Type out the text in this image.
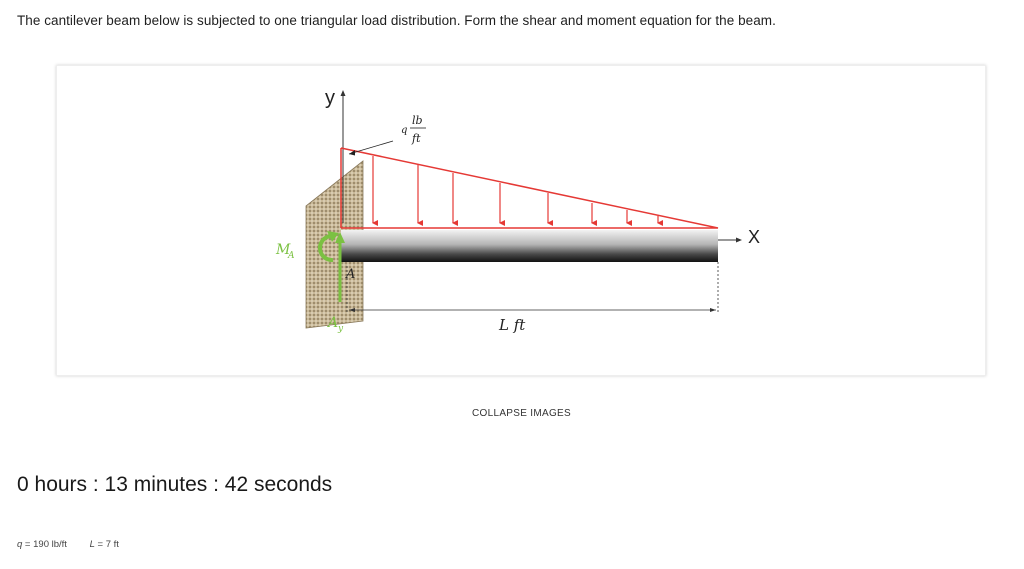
The cantilever beam below is subjected to one triangular load distribution. Form the shear and moment equation for the beam.
y
X
q
lb
ft
M
A
A y
A
L ft
COLLAPSE IMAGES
0 hours : 13 minutes : 42 seconds
q = 190 lb/ft L = 7 ft
